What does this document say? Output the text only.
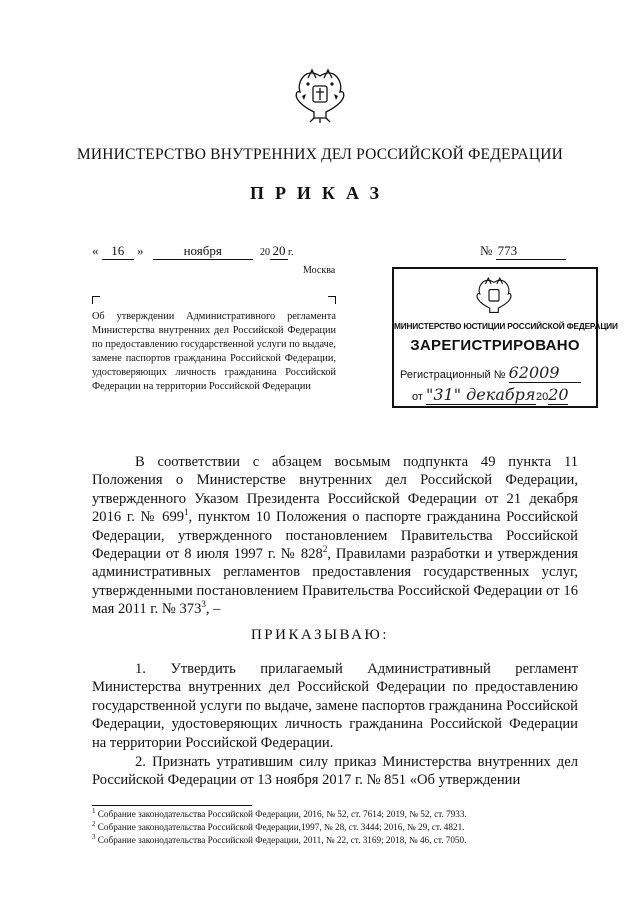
МИНИСТЕРСТВО ВНУТРЕННИХ ДЕЛ РОССИЙСКОЙ ФЕДЕРАЦИИ
ПРИКАЗ
« 16 »	ноября	20 20 г.	№ 773
Москва
Об утверждении Административного регламента Министерства внутренних дел Российской Федерации по предоставлению государственной услуги по выдаче, замене паспортов гражданина Российской Федерации, удостоверяющих личность гражданина Российской Федерации на территории Российской Федерации
МИНИСТЕРСТВО ЮСТИЦИИ РОССИЙСКОЙ ФЕДЕРАЦИИ
ЗАРЕГИСТРИРОВАНО
Регистрационный № 62009
от "31" декабря2020
В соответствии с абзацем восьмым подпункта 49 пункта 11 Положения о Министерстве внутренних дел Российской Федерации, утвержденного Указом Президента Российской Федерации от 21 декабря 2016 г. № $699^1$, пунктом 10 Положения о паспорте гражданина Российской Федерации, утвержденного постановлением Правительства Российской Федерации от 8 июля 1997 г. № $828^2$, Правилами разработки и утверждения административных регламентов предоставления государственных услуг, утвержденными постановлением Правительства Российской Федерации от 16 мая 2011 г. № $373^3$, –
ПРИКАЗЫВАЮ:
1. Утвердить прилагаемый Административный регламент Министерства внутренних дел Российской Федерации по предоставлению государственной услуги по выдаче, замене паспортов гражданина Российской Федерации, удостоверяющих личность гражданина Российской Федерации на территории Российской Федерации.
2. Признать утратившим силу приказ Министерства внутренних дел Российской Федерации от 13 ноября 2017 г. № 851 «Об утверждении
$^1$ Собрание законодательства Российской Федерации, 2016, № 52, ст. 7614; 2019, № 52, ст. 7933.
$^2$ Собрание законодательства Российской Федерации,1997, № 28, ст. 3444; 2016, № 29, ст. 4821.
$^3$ Собрание законодательства Российской Федерации, 2011, № 22, ст. 3169; 2018, № 46, ст. 7050.
